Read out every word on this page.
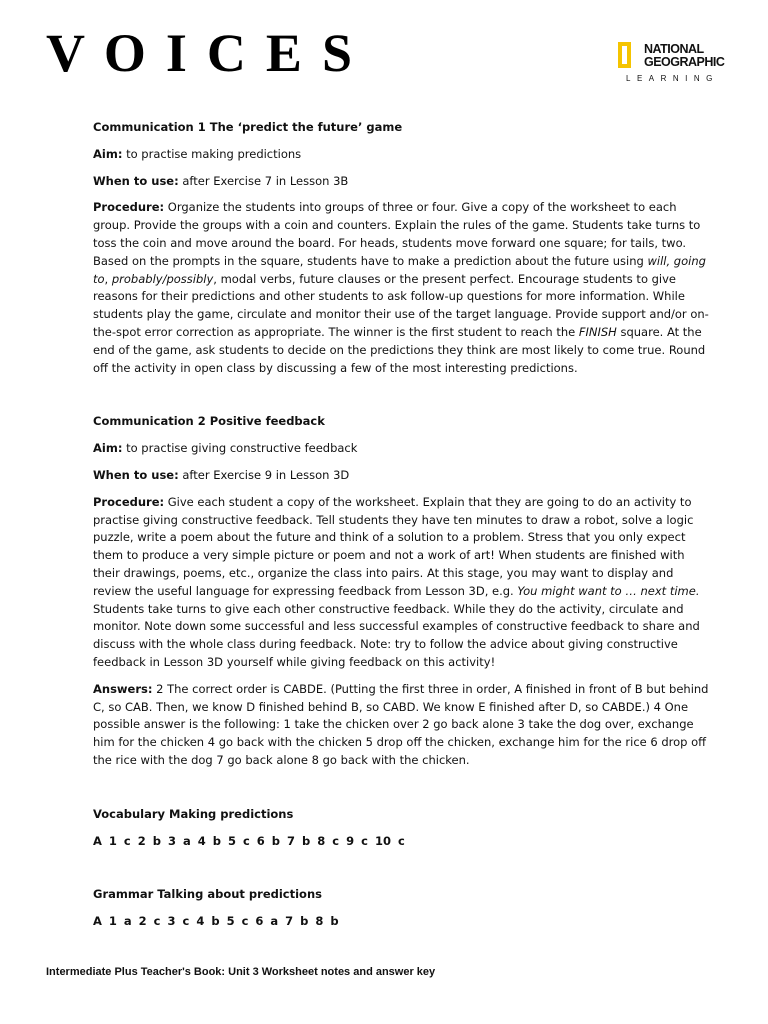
VOICES	NATIONAL
GEOGRAPHIC
LEARNING

Communication 1 The ‘predict the future’ game

Aim: to practise making predictions

When to use: after Exercise 7 in Lesson 3B

Procedure: Organize the students into groups of three or four. Give a copy of the worksheet to each group. Provide the groups with a coin and counters. Explain the rules of the game. Students take turns to toss the coin and move around the board. For heads, students move forward one square; for tails, two. Based on the prompts in the square, students have to make a prediction about the future using will, going to, probably/possibly, modal verbs, future clauses or the present perfect. Encourage students to give reasons for their predictions and other students to ask follow-up questions for more information. While students play the game, circulate and monitor their use of the target language. Provide support and/or on-the-spot error correction as appropriate. The winner is the first student to reach the FINISH square. At the end of the game, ask students to decide on the predictions they think are most likely to come true. Round off the activity in open class by discussing a few of the most interesting predictions.

Communication 2 Positive feedback

Aim: to practise giving constructive feedback

When to use: after Exercise 9 in Lesson 3D

Procedure: Give each student a copy of the worksheet. Explain that they are going to do an activity to practise giving constructive feedback. Tell students they have ten minutes to draw a robot, solve a logic puzzle, write a poem about the future and think of a solution to a problem. Stress that you only expect them to produce a very simple picture or poem and not a work of art! When students are finished with their drawings, poems, etc., organize the class into pairs. At this stage, you may want to display and review the useful language for expressing feedback from Lesson 3D, e.g. You might want to … next time. Students take turns to give each other constructive feedback. While they do the activity, circulate and monitor. Note down some successful and less successful examples of constructive feedback to share and discuss with the whole class during feedback. Note: try to follow the advice about giving constructive feedback in Lesson 3D yourself while giving feedback on this activity!

Answers: 2 The correct order is CABDE. (Putting the first three in order, A finished in front of B but behind C, so CAB. Then, we know D finished behind B, so CABD. We know E finished after D, so CABDE.) 4 One possible answer is the following: 1 take the chicken over 2 go back alone 3 take the dog over, exchange him for the chicken 4 go back with the chicken 5 drop off the chicken, exchange him for the rice 6 drop off the rice with the dog 7 go back alone 8 go back with the chicken.

Vocabulary Making predictions

A 1 c 2 b 3 a 4 b 5 c 6 b 7 b 8 c 9 c 10 c

Grammar Talking about predictions

A 1 a 2 c 3 c 4 b 5 c 6 a 7 b 8 b

Intermediate Plus Teacher's Book: Unit 3 Worksheet notes and answer key
